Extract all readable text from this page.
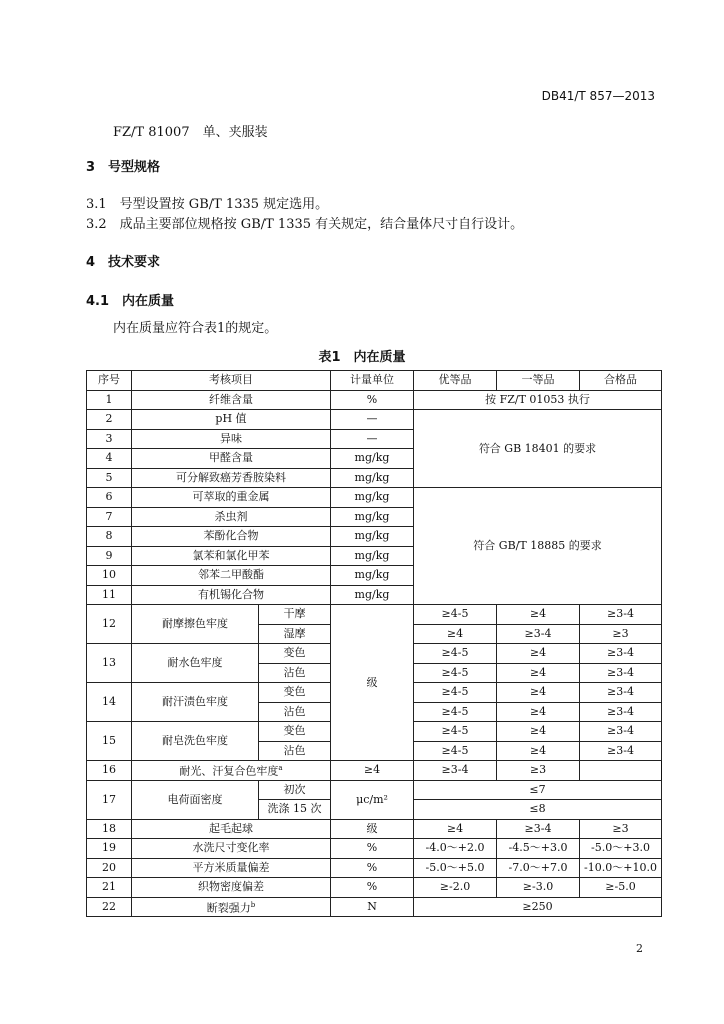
DB41/T 857—2013
FZ/T 81007　单、夹服装
3　号型规格
3.1　号型设置按 GB/T 1335 规定选用。
3.2　成品主要部位规格按 GB/T 1335 有关规定，结合量体尺寸自行设计。
4　技术要求
4.1　内在质量
内在质量应符合表1的规定。
表1　内在质量
序号	考核项目		计量单位	优等品	一等品	合格品
1	纤维含量		%	按 FZ/T 01053 执行		
2	pH 值		—	符合 GB 18401 的要求		
3	异味		—			
4	甲醛含量		mg/kg			
5	可分解致癌芳香胺染料		mg/kg			
6	可萃取的重金属		mg/kg	符合 GB/T 18885 的要求		
7	杀虫剂		mg/kg			
8	苯酚化合物		mg/kg			
9	氯苯和氯化甲苯		mg/kg			
10	邻苯二甲酸酯		mg/kg			
11	有机锡化合物		mg/kg			
12	耐摩擦色牢度	干摩	级	≥4-5	≥4	≥3-4
		湿摩		≥4	≥3-4	≥3
13	耐水色牢度	变色		≥4-5	≥4	≥3-4
		沾色		≥4-5	≥4	≥3-4
14	耐汗渍色牢度	变色		≥4-5	≥4	≥3-4
		沾色		≥4-5	≥4	≥3-4
15	耐皂洗色牢度	变色		≥4-5	≥4	≥3-4
		沾色		≥4-5	≥4	≥3-4
16	耐光、汗复合色牢度$^a$		≥4	≥3-4	≥3	
17	电荷面密度	初次	μc/m²	≤7		
		洗涤 15 次		≤8		
18	起毛起球		级	≥4	≥3-4	≥3
19	水洗尺寸变化率		%	-4.0～+2.0	-4.5～+3.0	-5.0～+3.0
20	平方米质量偏差		%	-5.0～+5.0	-7.0～+7.0	-10.0～+10.0
21	织物密度偏差		%	≥-2.0	≥-3.0	≥-5.0
22	断裂强力$^b$		N	≥250		
2
